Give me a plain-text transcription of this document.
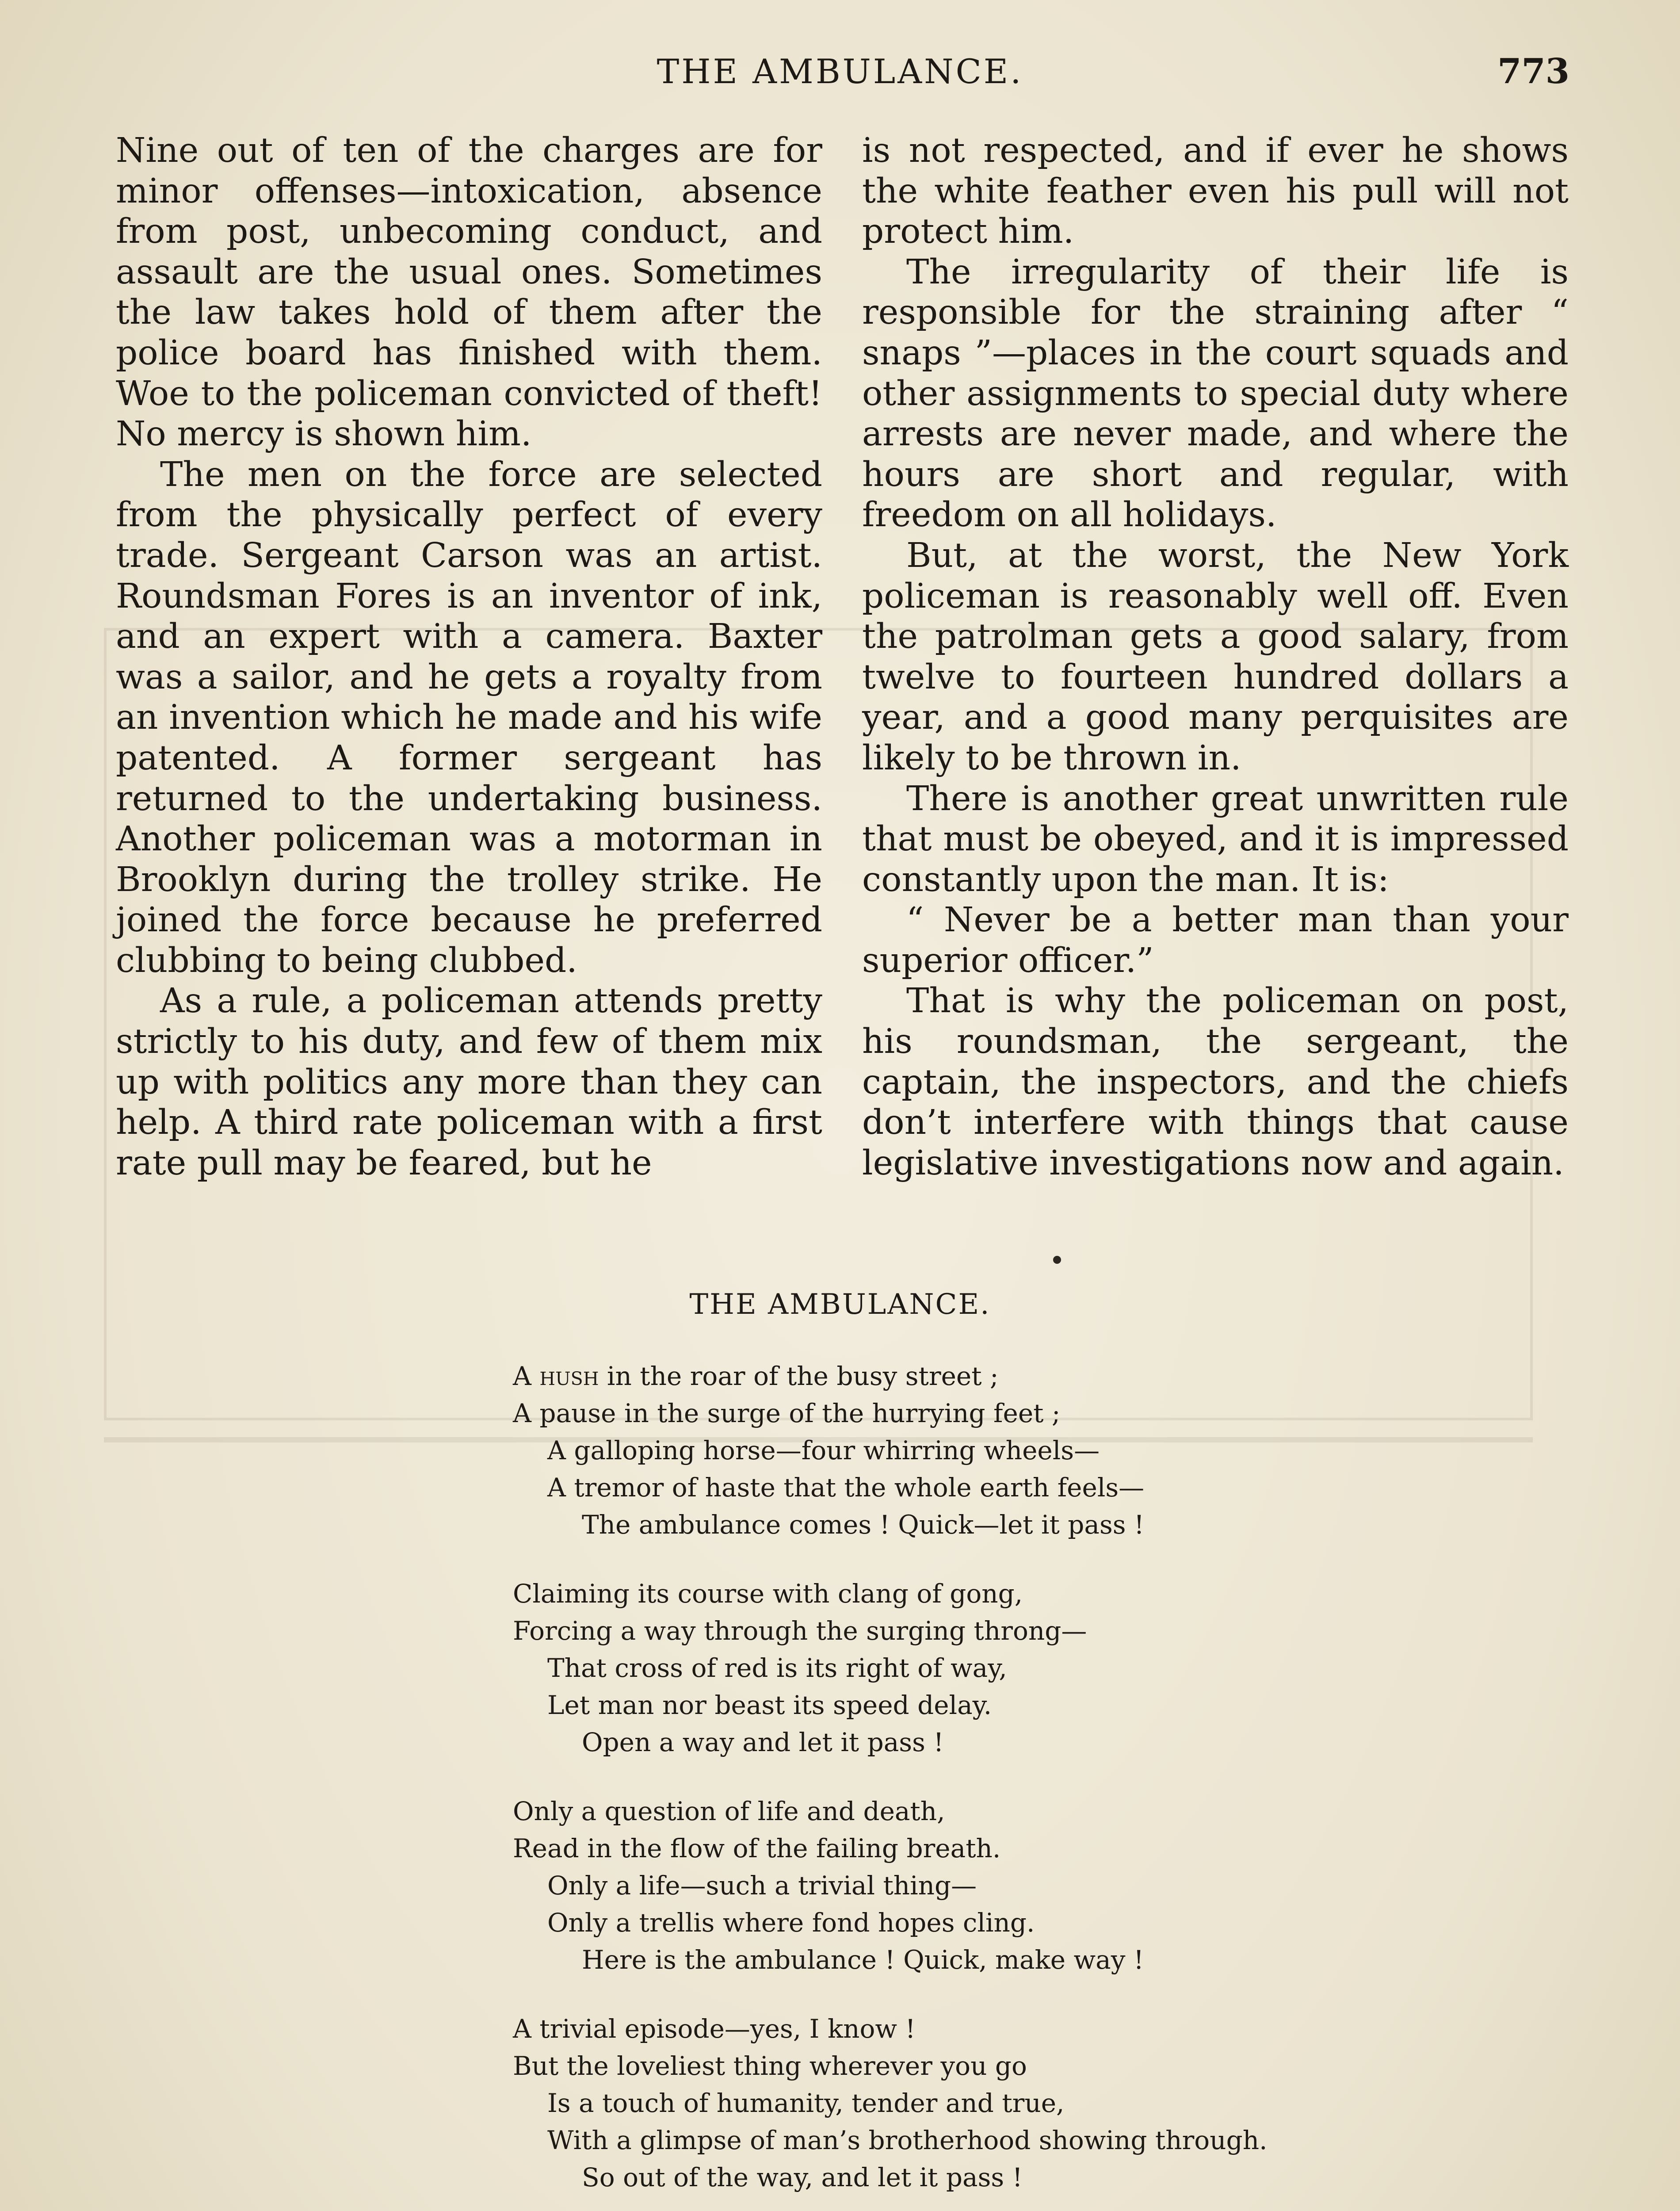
THE AMBULANCE.	773

Nine out of ten of the charges are for minor offenses—intoxication, absence from post, unbecoming conduct, and assault are the usual ones. Sometimes the law takes hold of them after the police board has finished with them. Woe to the policeman convicted of theft! No mercy is shown him.

The men on the force are selected from the physically perfect of every trade. Sergeant Carson was an artist. Roundsman Fores is an inventor of ink, and an expert with a camera. Baxter was a sailor, and he gets a royalty from an invention which he made and his wife patented. A former sergeant has returned to the undertaking business. Another policeman was a motorman in Brooklyn during the trolley strike. He joined the force because he preferred clubbing to being clubbed.

As a rule, a policeman attends pretty strictly to his duty, and few of them mix up with politics any more than they can help. A third rate policeman with a first rate pull may be feared, but he

is not respected, and if ever he shows the white feather even his pull will not protect him.

The irregularity of their life is responsible for the straining after “ snaps ”—places in the court squads and other assignments to special duty where arrests are never made, and where the hours are short and regular, with freedom on all holidays.

But, at the worst, the New York policeman is reasonably well off. Even the patrolman gets a good salary, from twelve to fourteen hundred dollars a year, and a good many perquisites are likely to be thrown in.

There is another great unwritten rule that must be obeyed, and it is impressed constantly upon the man. It is:

“ Never be a better man than your superior officer.”

That is why the policeman on post, his roundsman, the sergeant, the captain, the inspectors, and the chiefs don’t interfere with things that cause legislative investigations now and again.

THE AMBULANCE.
A hush in the roar of the busy street ;
A pause in the surge of the hurrying feet ;
A galloping horse—four whirring wheels—
A tremor of haste that the whole earth feels—
The ambulance comes ! Quick—let it pass !
Claiming its course with clang of gong,
Forcing a way through the surging throng—
That cross of red is its right of way,
Let man nor beast its speed delay.
Open a way and let it pass !
Only a question of life and death,
Read in the flow of the failing breath.
Only a life—such a trivial thing—
Only a trellis where fond hopes cling.
Here is the ambulance ! Quick, make way !
A trivial episode—yes, I know !
But the loveliest thing wherever you go
Is a touch of humanity, tender and true,
With a glimpse of man’s brotherhood showing through.
So out of the way, and let it pass !
